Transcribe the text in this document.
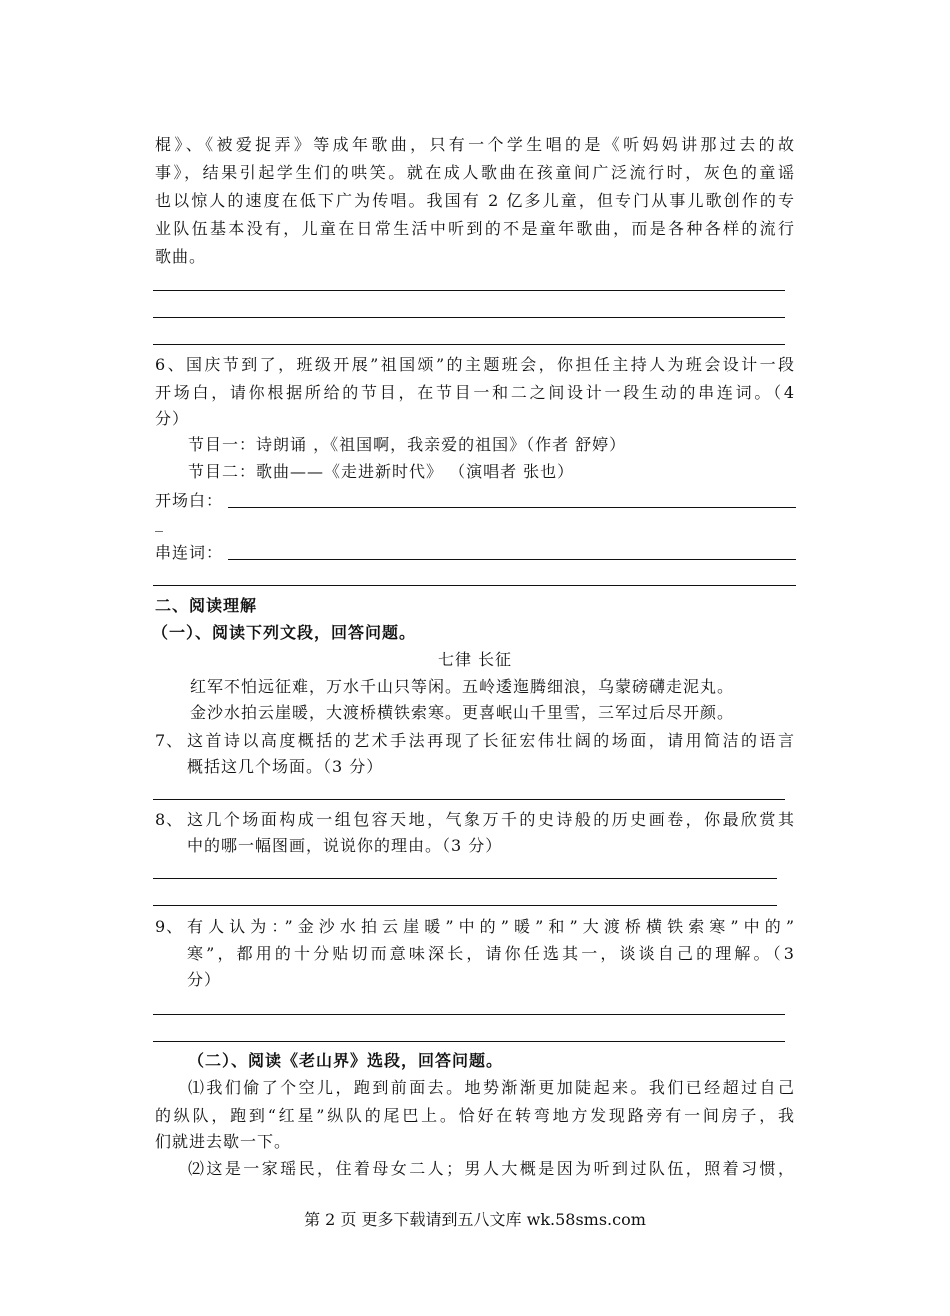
棍》、《被爱捉弄》等成年歌曲，只有一个学生唱的是《听妈妈讲那过去的故
事》，结果引起学生们的哄笑。就在成人歌曲在孩童间广泛流行时，灰色的童谣
也以惊人的速度在低下广为传唱。我国有 2 亿多儿童，但专门从事儿歌创作的专
业队伍基本没有，儿童在日常生活中听到的不是童年歌曲，而是各种各样的流行
歌曲。
6、国庆节到了，班级开展”祖国颂”的主题班会，你担任主持人为班会设计一段
开场白，请你根据所给的节目，在节目一和二之间设计一段生动的串连词。（4
分）
节目一：诗朗诵 ，《祖国啊，我亲爱的祖国》（作者 舒婷）
节目二：歌曲——《走进新时代》 （演唱者 张也）
开场白：
_
串连词：
二、阅读理解
（一）、阅读下列文段，回答问题。
七律 长征
红军不怕远征难，万水千山只等闲。五岭逶迤腾细浪，乌蒙磅礴走泥丸。
金沙水拍云崖暖，大渡桥横铁索寒。更喜岷山千里雪，三军过后尽开颜。
7、 这首诗以高度概括的艺术手法再现了长征宏伟壮阔的场面，请用简洁的语言
概括这几个场面。（3 分）
8、 这几个场面构成一组包容天地，气象万千的史诗般的历史画卷，你最欣赏其
中的哪一幅图画，说说你的理由。（3 分）
9、 有人认为：”金沙水拍云崖暖”中的”暖”和”大渡桥横铁索寒”中的”
寒”，都用的十分贴切而意味深长，请你任选其一，谈谈自己的理解。（3
分）
（二）、阅读《老山界》选段，回答问题。
⑴我们偷了个空儿，跑到前面去。地势渐渐更加陡起来。我们已经超过自己
的纵队，跑到“红星”纵队的尾巴上。恰好在转弯地方发现路旁有一间房子，我
们就进去歇一下。
⑵这是一家瑶民，住着母女二人；男人大概是因为听到过队伍，照着习惯，
第 2 页 更多下载请到五八文库 wk.58sms.com
